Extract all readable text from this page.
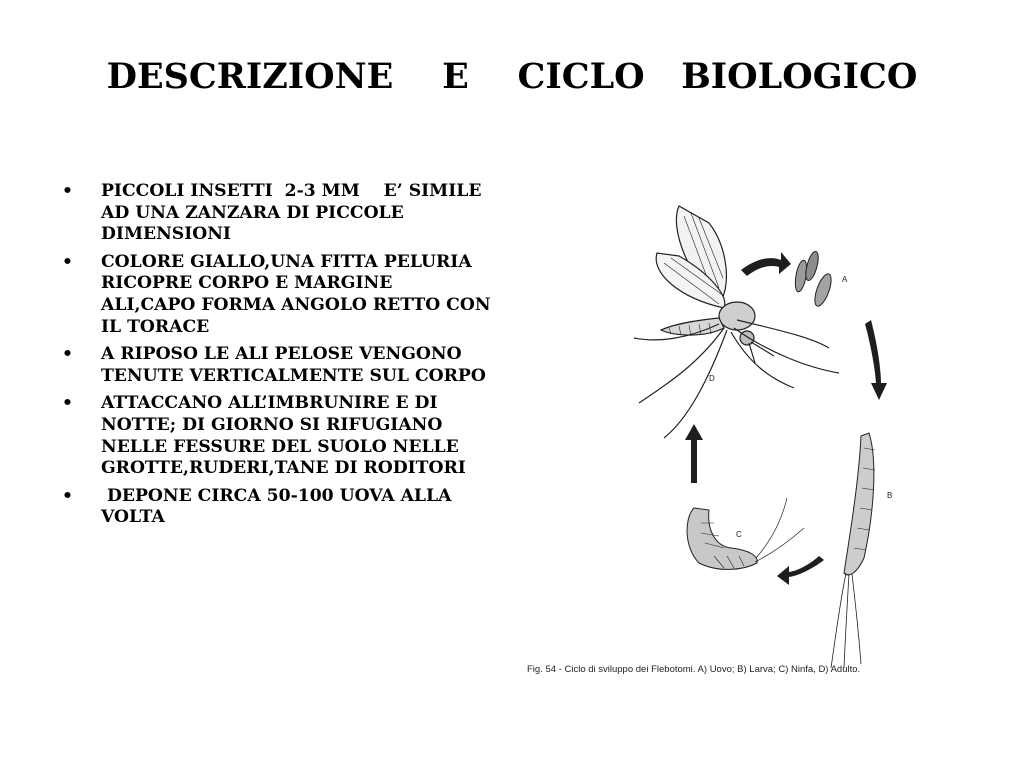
DESCRIZIONE    E    CICLO   BIOLOGICO
• PICCOLI INSETTI  2-3 MM    E’ SIMILE AD UNA ZANZARA DI PICCOLE DIMENSIONI
• COLORE GIALLO,UNA FITTA PELURIA RICOPRE CORPO E MARGINE ALI,CAPO FORMA ANGOLO RETTO CON IL TORACE
• A RIPOSO LE ALI PELOSE VENGONO TENUTE VERTICALMENTE SUL CORPO
• ATTACCANO ALL’IMBRUNIRE E DI NOTTE; DI GIORNO SI RIFUGIANO NELLE FESSURE DEL SUOLO NELLE GROTTE,RUDERI,TANE DI RODITORI
• DEPONE CIRCA 50-100 UOVA ALLA VOLTA
D
A
B
C
Fig. 54 - Ciclo di sviluppo dei Flebotomi. A) Uovo; B) Larva; C) Ninfa, D) Adulto.
